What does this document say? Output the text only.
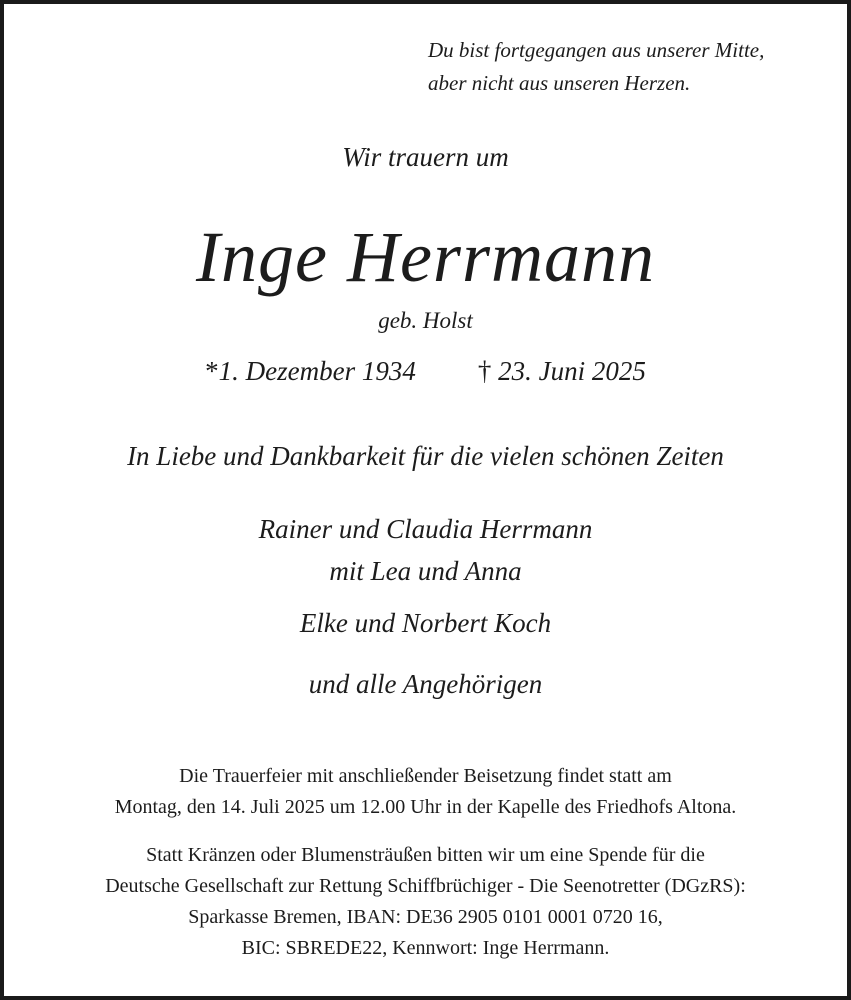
Du bist fortgegangen aus unserer Mitte,
aber nicht aus unseren Herzen.
Wir trauern um
Inge Herrmann
geb. Holst
*1. Dezember 1934 † 23. Juni 2025
In Liebe und Dankbarkeit für die vielen schönen Zeiten
Rainer und Claudia Herrmann
mit Lea und Anna
Elke und Norbert Koch
und alle Angehörigen
Die Trauerfeier mit anschließender Beisetzung findet statt am
Montag, den 14. Juli 2025 um 12.00 Uhr in der Kapelle des Friedhofs Altona.
Statt Kränzen oder Blumensträußen bitten wir um eine Spende für die
Deutsche Gesellschaft zur Rettung Schiffbrüchiger - Die Seenotretter (DGzRS):
Sparkasse Bremen, IBAN: DE36 2905 0101 0001 0720 16,
BIC: SBREDE22, Kennwort: Inge Herrmann.
